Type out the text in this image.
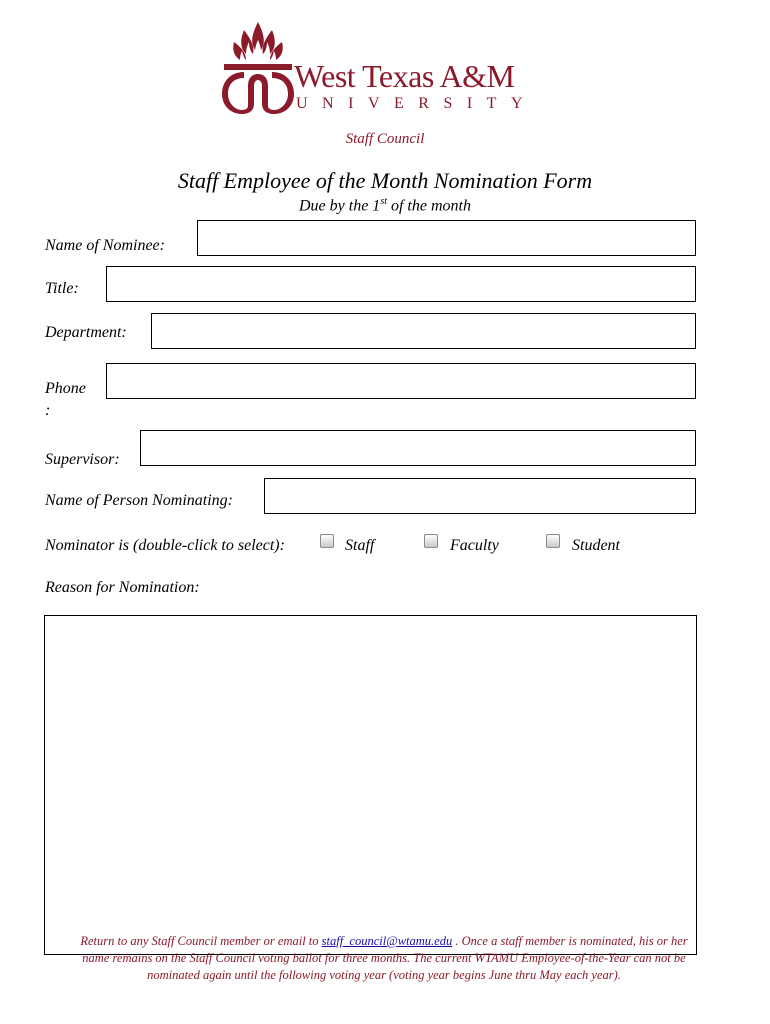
West Texas A&M
UNIVERSITY
Staff Council
Staff Employee of the Month Nomination Form
Due by the 1st of the month
Name of Nominee:
Title:
Department:
Phone
:
Supervisor:
Name of Person Nominating:
Nominator is (double-click to select):	Staff	Faculty	Student
Reason for Nomination:
Return to any Staff Council member or email to staff_council@wtamu.edu . Once a staff member is nominated, his or her
name remains on the Staff Council voting ballot for three months. The current WTAMU Employee-of-the-Year can not be
nominated again until the following voting year (voting year begins June thru May each year).
